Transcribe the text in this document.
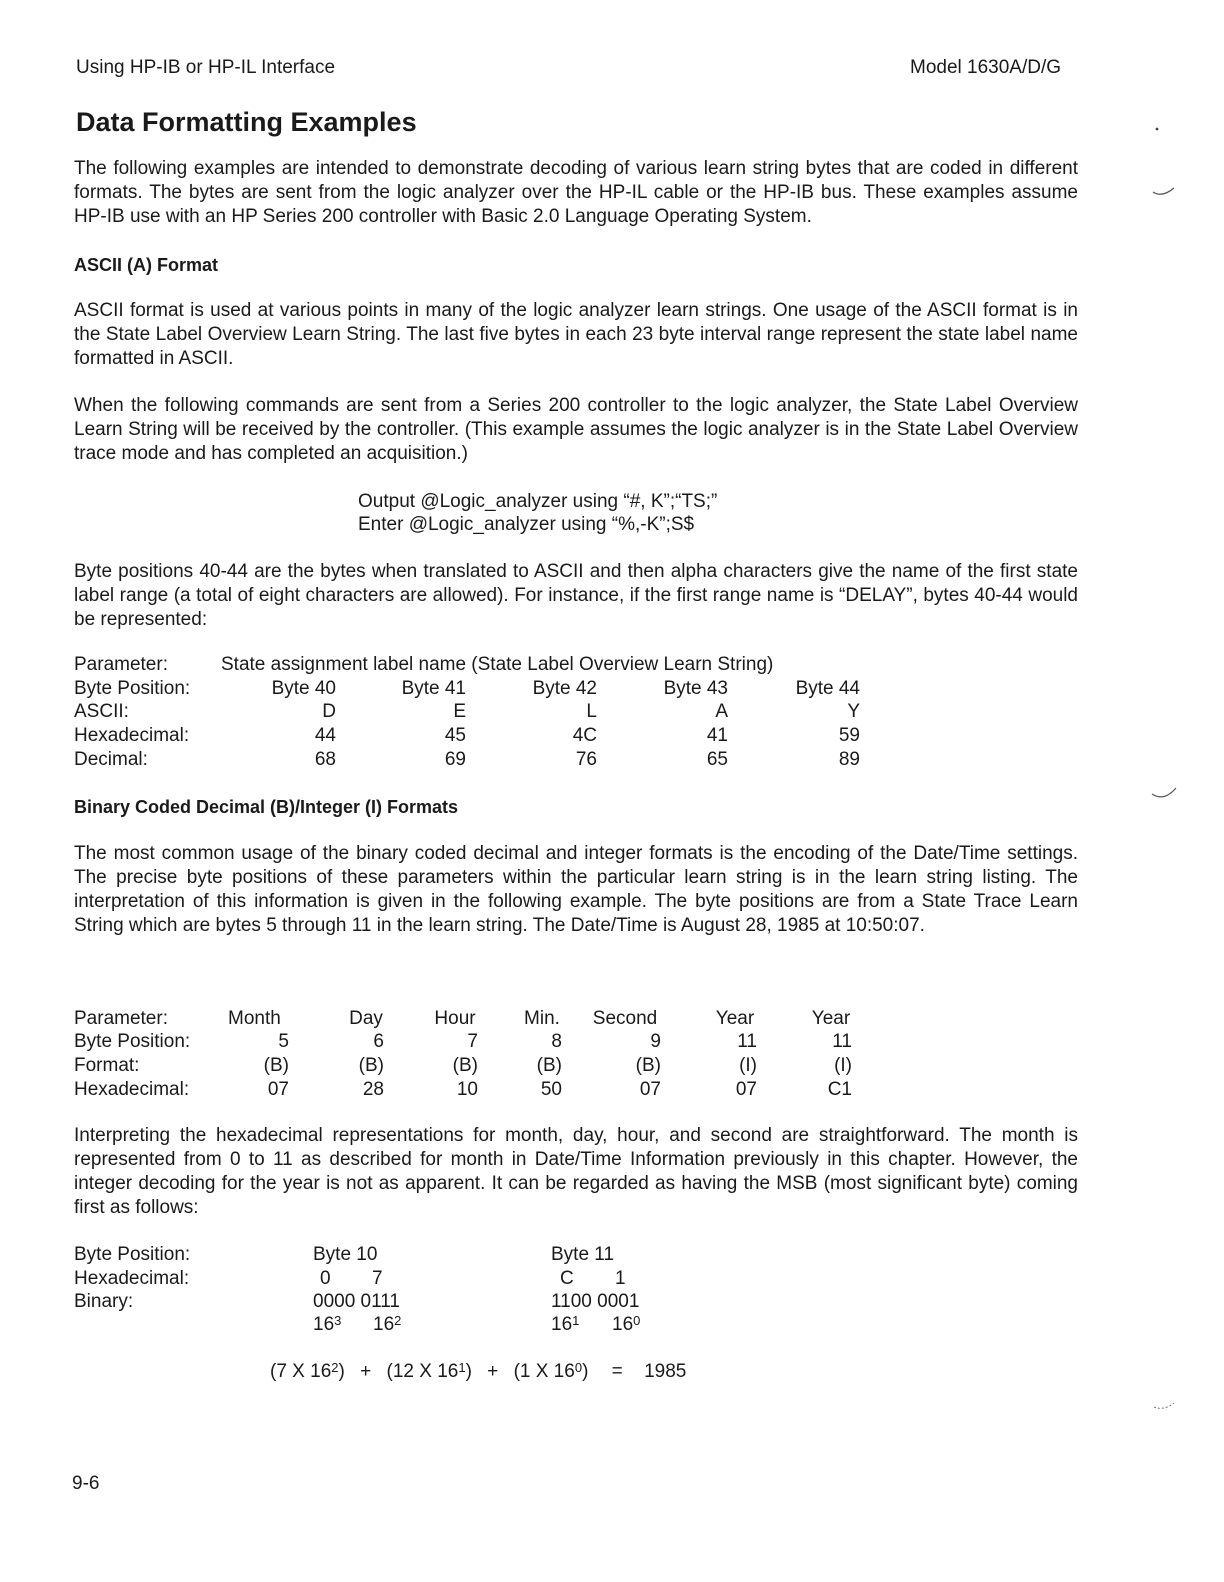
Using HP-IB or HP-IL Interface	Model 1630A/D/G
Data Formatting Examples

The following examples are intended to demonstrate decoding of various learn string bytes that are coded in different formats. The bytes are sent from the logic analyzer over the HP-IL cable or the HP-IB bus. These examples assume HP-IB use with an HP Series 200 controller with Basic 2.0 Language Operating System.

ASCII (A) Format

ASCII format is used at various points in many of the logic analyzer learn strings. One usage of the ASCII format is in the State Label Overview Learn String. The last five bytes in each 23 byte interval range represent the state label name formatted in ASCII.

When the following commands are sent from a Series 200 controller to the logic analyzer, the State Label Overview Learn String will be received by the controller. (This example assumes the logic analyzer is in the State Label Overview trace mode and has completed an acquisition.)

Output @Logic_analyzer using “#, K”;“TS;”
Enter @Logic_analyzer using “%,-K”;S$

Byte positions 40-44 are the bytes when translated to ASCII and then alpha characters give the name of the first state label range (a total of eight characters are allowed). For instance, if the first range name is “DELAY”, bytes 40-44 would be represented:

Parameter:	State assignment label name (State Label Overview Learn String)
Byte Position:
ASCII:
Hexadecimal:
Decimal:
Byte 40
D
44
68
Byte 41
E
45
69
Byte 42
L
4C
76
Byte 43
A
41
65
Byte 44
Y
59
89
Binary Coded Decimal (B)/Integer (I) Formats

The most common usage of the binary coded decimal and integer formats is the encoding of the Date/Time settings. The precise byte positions of these parameters within the particular learn string is in the learn string listing. The interpretation of this information is given in the following example. The byte positions are from a State Trace Learn String which are bytes 5 through 11 in the learn string. The Date/Time is August 28, 1985 at 10:50:07.

Parameter:
Byte Position:
Format:
Hexadecimal:
Month
5
(B)
07
Day
6
(B)
28
Hour
7
(B)
10
Min.
8
(B)
50
Second
9
(B)
07
Year
11
(I)
07
Year
11
(I)
C1

Interpreting the hexadecimal representations for month, day, hour, and second are straightforward. The month is represented from 0 to 11 as described for month in Date/Time Information previously in this chapter. However, the integer decoding for the year is not as apparent. It can be regarded as having the MSB (most significant byte) coming first as follows:

Byte Position:
Hexadecimal:
Binary:
Byte 10
0 7
0000 0111
$16^3$ $16^2$
Byte 11
C 1
1100 0001
$16^1$ $16^0$
(7 X $16^2) + (12$ X $16^1) + (1$ X $16^0) = 1985$
9-6
